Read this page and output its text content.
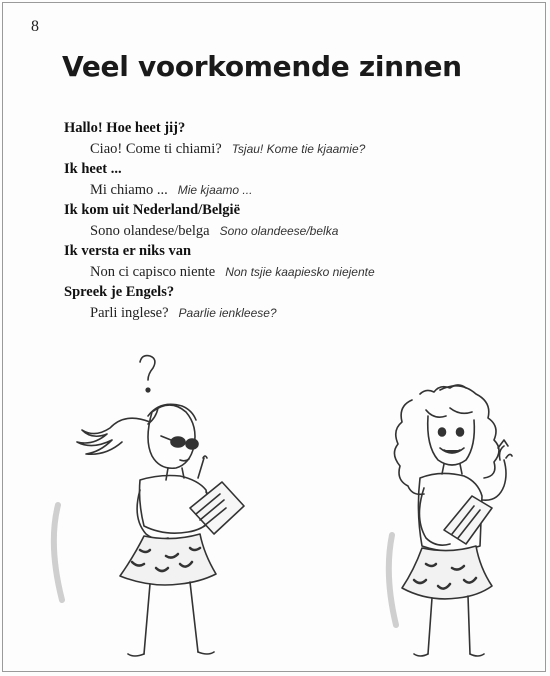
8
Veel voorkomende zinnen
Hallo! Hoe heet jij?
Ciao! Come ti chiami? Tsjau! Kome tie kjaamie?
Ik heet ...
Mi chiamo ... Mie kjaamo ...
Ik kom uit Nederland/België
Sono olandese/belga Sono olandeese/belka
Ik versta er niks van
Non ci capisco niente Non tsjie kaapiesko niejente
Spreek je Engels?
Parli inglese? Paarlie ienkleese?
